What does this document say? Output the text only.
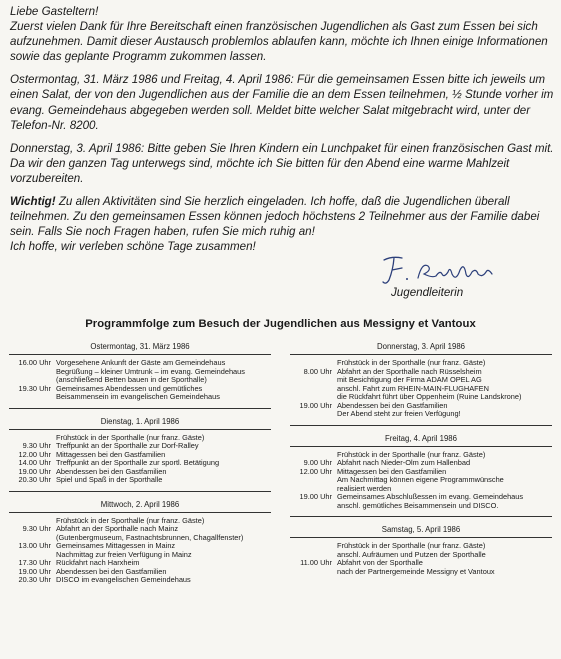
Liebe Gasteltern!

Zuerst vielen Dank für Ihre Bereitschaft einen französischen Jugendlichen als Gast zum Essen bei sich aufzunehmen. Damit dieser Austausch problemlos ablaufen kann, möchte ich Ihnen einige Informationen sowie das geplante Programm zukommen lassen.

Ostermontag, 31. März 1986 und Freitag, 4. April 1986: Für die gemeinsamen Essen bitte ich jeweils um einen Salat, der von den Jugendlichen aus der Familie die an dem Essen teilnehmen, ½ Stunde vorher im evang. Gemeindehaus abgegeben werden soll. Meldet bitte welcher Salat mitgebracht wird, unter der Telefon-Nr. 8200.

Donnerstag, 3. April 1986: Bitte geben Sie Ihren Kindern ein Lunchpaket für einen französischen Gast mit. Da wir den ganzen Tag unterwegs sind, möchte ich Sie bitten für den Abend eine warme Mahlzeit vorzubereiten.

Wichtig! Zu allen Aktivitäten sind Sie herzlich eingeladen. Ich hoffe, daß die Jugendlichen überall teilnehmen. Zu den gemeinsamen Essen können jedoch höchstens 2 Teilnehmer aus der Familie dabei sein. Falls Sie noch Fragen haben, rufen Sie mich ruhig an!

Ich hoffe, wir verleben schöne Tage zusammen!

Jugendleiterin
Programmfolge zum Besuch der Jugendlichen aus Messigny et Vantoux
Ostermontag, 31. März 1986
16.00 Uhr Vorgesehene Ankunft der Gäste am Gemeindehaus
Begrüßung – kleiner Umtrunk – im evang. Gemeindehaus
(anschließend Betten bauen in der Sporthalle)
19.30 Uhr Gemeinsames Abendessen und gemütliches
Beisammensein im evangelischen Gemeindehaus
Dienstag, 1. April 1986
Frühstück in der Sporthalle (nur franz. Gäste)
9.30 Uhr Treffpunkt an der Sporthalle zur Dorf-Ralley
12.00 Uhr Mittagessen bei den Gastfamilien
14.00 Uhr Treffpunkt an der Sporthalle zur sportl. Betätigung
19.00 Uhr Abendessen bei den Gastfamilien
20.30 Uhr Spiel und Spaß in der Sporthalle
Mittwoch, 2. April 1986
Frühstück in der Sporthalle (nur franz. Gäste)
9.30 Uhr Abfahrt an der Sporthalle nach Mainz
(Gutenbergmuseum, Fastnachtsbrunnen, Chagallfenster)
13.00 Uhr Gemeinsames Mittagessen in Mainz
Nachmittag zur freien Verfügung in Mainz
17.30 Uhr Rückfahrt nach Harxheim
19.00 Uhr Abendessen bei den Gastfamilien
20.30 Uhr DISCO im evangelischen Gemeindehaus
Donnerstag, 3. April 1986
Frühstück in der Sporthalle (nur franz. Gäste)
8.00 Uhr Abfahrt an der Sporthalle nach Rüsselsheim
mit Besichtigung der Firma ADAM OPEL AG
anschl. Fahrt zum RHEIN-MAIN-FLUGHAFEN
die Rückfahrt führt über Oppenheim (Ruine Landskrone)
19.00 Uhr Abendessen bei den Gastfamilien
Der Abend steht zur freien Verfügung!
Freitag, 4. April 1986
Frühstück in der Sporthalle (nur franz. Gäste)
9.00 Uhr Abfahrt nach Nieder-Olm zum Hallenbad
12.00 Uhr Mittagessen bei den Gastfamilien
Am Nachmittag können eigene Programmwünsche
realisiert werden
19.00 Uhr Gemeinsames Abschlußessen im evang. Gemeindehaus
anschl. gemütliches Beisammensein und DISCO.
Samstag, 5. April 1986
Frühstück in der Sporthalle (nur franz. Gäste)
anschl. Aufräumen und Putzen der Sporthalle
11.00 Uhr Abfahrt von der Sporthalle
nach der Partnergemeinde Messigny et Vantoux
